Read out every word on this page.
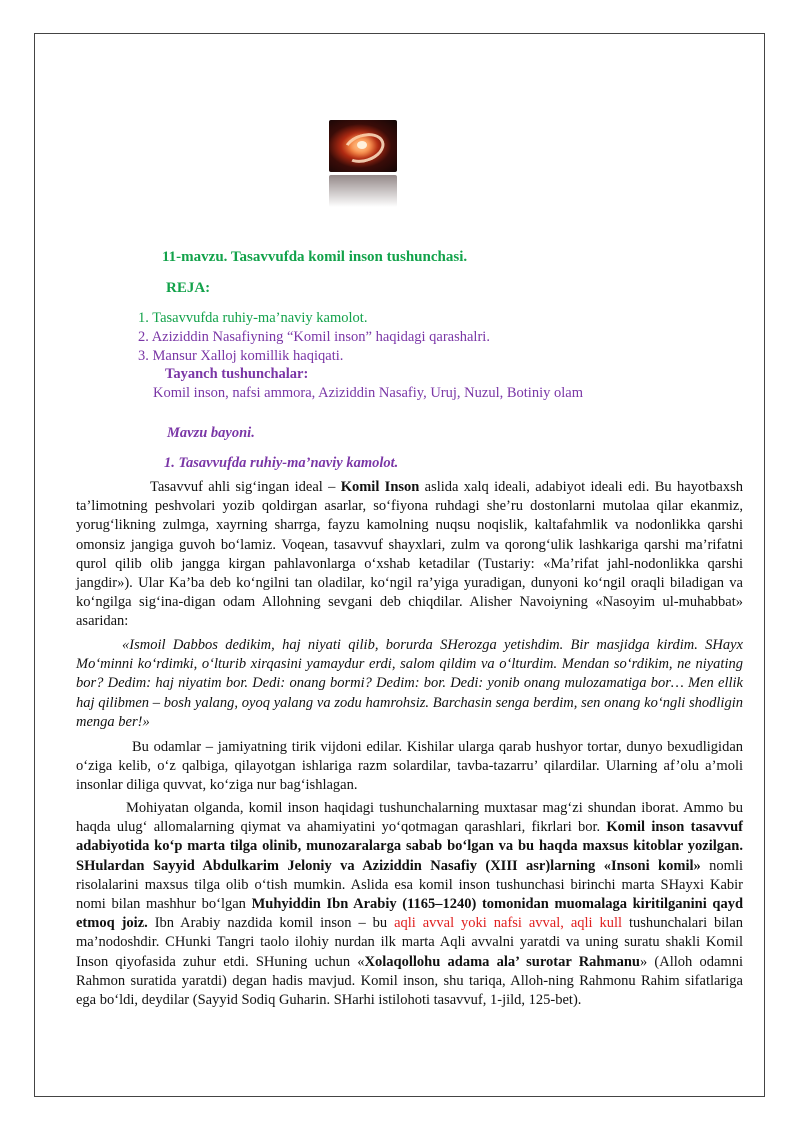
11-mavzu. Tasavvufda komil inson tushunchasi.
REJA:
1. Tasavvufda ruhiy-ma’naviy kamolot.
2. Aziziddin Nasafiyning “Komil inson” haqidagi qarashalri.
3. Mansur Xalloj komillik haqiqati.
Tayanch tushunchalar:
Komil inson, nafsi ammora, Aziziddin Nasafiy, Uruj, Nuzul, Botiniy olam
Mavzu bayoni.
1. Tasavvufda ruhiy-ma’naviy kamolot.
Tasavvuf ahli sig‘ingan ideal – Komil Inson aslida xalq ideali, adabiyot ideali edi. Bu hayotbaxsh ta’limotning peshvolari yozib qoldirgan asarlar, so‘fiyona ruhdagi she’ru dostonlarni mutolaa qilar ekanmiz, yorug‘likning zulmga, xayrning sharrga, fayzu kamolning nuqsu noqislik, kaltafahmlik va nodonlikka qarshi omonsiz jangiga guvoh bo‘lamiz. Voqean, tasavvuf shayxlari, zulm va qorong‘ulik lashkariga qarshi ma’rifatni qurol qilib olib jangga kirgan pahlavonlarga o‘xshab ketadilar (Tustariy: «Ma’rifat jahl-nodonlikka qarshi jangdir»). Ular Ka’ba deb ko‘ngilni tan oladilar, ko‘ngil ra’yiga yuradigan, dunyoni ko‘ngil oraqli biladigan va ko‘ngilga sig‘ina-digan odam Allohning sevgani deb chiqdilar. Alisher Navoiyning «Nasoyim ul-muhabbat» asaridan:
«Ismoil Dabbos dedikim, haj niyati qilib, borurda SHerozga yetishdim. Bir masjidga kirdim. SHayx Mo‘minni ko‘rdimki, o‘lturib xirqasini yamaydur erdi, salom qildim va o‘lturdim. Mendan so‘rdikim, ne niyating bor? Dedim: haj niyatim bor. Dedi: onang bormi? Dedim: bor. Dedi: yonib onang mulozamatiga bor… Men ellik haj qilibmen – bosh yalang, oyoq yalang va zodu hamrohsiz. Barchasin senga berdim, sen onang ko‘ngli shodligin menga ber!»
Bu odamlar – jamiyatning tirik vijdoni edilar. Kishilar ularga qarab hushyor tortar, dunyo bexudligidan o‘ziga kelib, o‘z qalbiga, qilayotgan ishlariga razm solardilar, tavba-tazarru’ qilardilar. Ularning af’olu a’moli insonlar diliga quvvat, ko‘ziga nur bag‘ishlagan.
Mohiyatan olganda, komil inson haqidagi tushunchalarning muxtasar mag‘zi shundan iborat. Ammo bu haqda ulug‘ allomalarning qiymat va ahamiyatini yo‘qotmagan qarashlari, fikrlari bor. Komil inson tasavvuf adabiyotida ko‘p marta tilga olinib, munozaralarga sabab bo‘lgan va bu haqda maxsus kitoblar yozilgan. SHulardan Sayyid Abdulkarim Jeloniy va Aziziddin Nasafiy (XIII asr)larning «Insoni komil» nomli risolalarini maxsus tilga olib o‘tish mumkin. Aslida esa komil inson tushunchasi birinchi marta SHayxi Kabir nomi bilan mashhur bo‘lgan Muhyiddin Ibn Arabiy (1165–1240) tomonidan muomalaga kiritilganini qayd etmoq joiz. Ibn Arabiy nazdida komil inson – bu aqli avval yoki nafsi avval, aqli kull tushunchalari bilan ma’nodoshdir. CHunki Tangri taolo ilohiy nurdan ilk marta Aqli avvalni yaratdi va uning suratu shakli Komil Inson qiyofasida zuhur etdi. SHuning uchun «Xolaqollohu adama ala’ surotar Rahmanu» (Alloh odamni Rahmon suratida yaratdi) degan hadis mavjud. Komil inson, shu tariqa, Alloh-ning Rahmonu Rahim sifatlariga ega bo‘ldi, deydilar (Sayyid Sodiq Guharin. SHarhi istilohoti tasavvuf, 1-jild, 125-bet).
